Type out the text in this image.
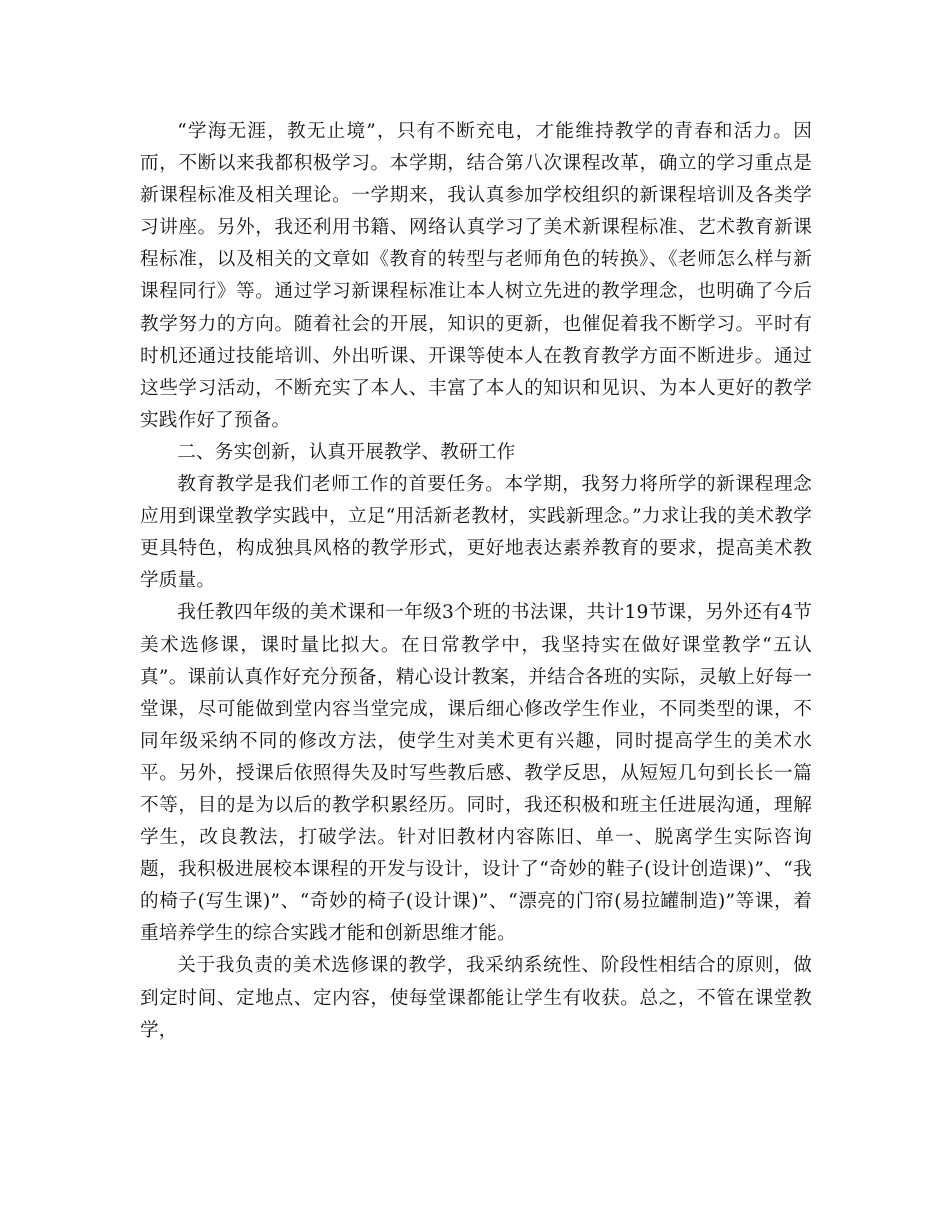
“学海无涯，教无止境”，只有不断充电，才能维持教学的青春和活力。因而，不断以来我都积极学习。本学期，结合第八次课程改革，确立的学习重点是新课程标准及相关理论。一学期来，我认真参加学校组织的新课程培训及各类学习讲座。另外，我还利用书籍、网络认真学习了美术新课程标准、艺术教育新课程标准，以及相关的文章如《教育的转型与老师角色的转换》、《老师怎么样与新课程同行》等。通过学习新课程标准让本人树立先进的教学理念，也明确了今后教学努力的方向。随着社会的开展，知识的更新，也催促着我不断学习。平时有时机还通过技能培训、外出听课、开课等使本人在教育教学方面不断进步。通过这些学习活动，不断充实了本人、丰富了本人的知识和见识、为本人更好的教学实践作好了预备。

二、务实创新，认真开展教学、教研工作

教育教学是我们老师工作的首要任务。本学期，我努力将所学的新课程理念应用到课堂教学实践中，立足“用活新老教材，实践新理念。”力求让我的美术教学更具特色，构成独具风格的教学形式，更好地表达素养教育的要求，提高美术教学质量。

我任教四年级的美术课和一年级3个班的书法课，共计19节课，另外还有4节美术选修课，课时量比拟大。在日常教学中，我坚持实在做好课堂教学“五认真”。课前认真作好充分预备，精心设计教案，并结合各班的实际，灵敏上好每一堂课，尽可能做到堂内容当堂完成，课后细心修改学生作业，不同类型的课，不同年级采纳不同的修改方法，使学生对美术更有兴趣，同时提高学生的美术水平。另外，授课后依照得失及时写些教后感、教学反思，从短短几句到长长一篇不等，目的是为以后的教学积累经历。同时，我还积极和班主任进展沟通，理解学生，改良教法，打破学法。针对旧教材内容陈旧、单一、脱离学生实际咨询题，我积极进展校本课程的开发与设计，设计了“奇妙的鞋子(设计创造课)”、“我的椅子(写生课)”、“奇妙的椅子(设计课)”、“漂亮的门帘(易拉罐制造)”等课，着重培养学生的综合实践才能和创新思维才能。

关于我负责的美术选修课的教学，我采纳系统性、阶段性相结合的原则，做到定时间、定地点、定内容，使每堂课都能让学生有收获。总之，不管在课堂教学，
